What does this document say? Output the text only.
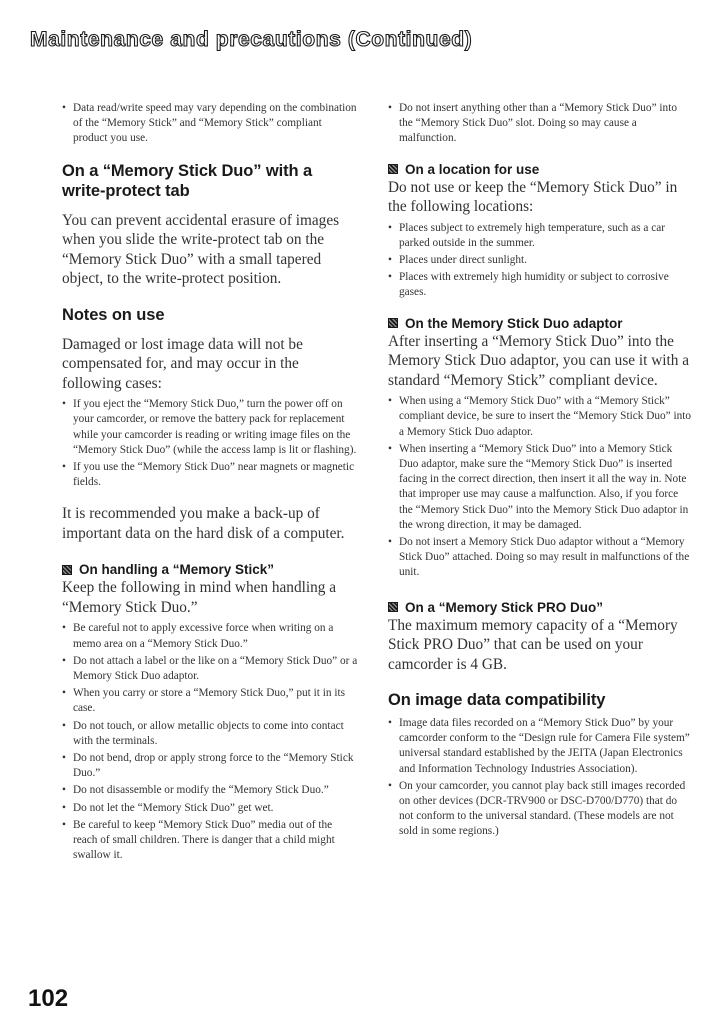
Maintenance and precautions (Continued)
• Data read/write speed may vary depending on the combination of the “Memory Stick” and “Memory Stick” compliant product you use.
On a “Memory Stick Duo” with a write-protect tab

You can prevent accidental erasure of images when you slide the write-protect tab on the “Memory Stick Duo” with a small tapered object, to the write-protect position.

Notes on use

Damaged or lost image data will not be compensated for, and may occur in the following cases:

• If you eject the “Memory Stick Duo,” turn the power off on your camcorder, or remove the battery pack for replacement while your camcorder is reading or writing image files on the “Memory Stick Duo” (while the access lamp is lit or flashing).
• If you use the “Memory Stick Duo” near magnets or magnetic fields.

It is recommended you make a back-up of important data on the hard disk of a computer.

On handling a “Memory Stick”

Keep the following in mind when handling a “Memory Stick Duo.”

• Be careful not to apply excessive force when writing on a memo area on a “Memory Stick Duo.”
• Do not attach a label or the like on a “Memory Stick Duo” or a Memory Stick Duo adaptor.
• When you carry or store a “Memory Stick Duo,” put it in its case.
• Do not touch, or allow metallic objects to come into contact with the terminals.
• Do not bend, drop or apply strong force to the “Memory Stick Duo.”
• Do not disassemble or modify the “Memory Stick Duo.”
• Do not let the “Memory Stick Duo” get wet.
• Be careful to keep “Memory Stick Duo” media out of the reach of small children. There is danger that a child might swallow it.
• Do not insert anything other than a “Memory Stick Duo” into the “Memory Stick Duo” slot. Doing so may cause a malfunction.
On a location for use

Do not use or keep the “Memory Stick Duo” in the following locations:

• Places subject to extremely high temperature, such as a car parked outside in the summer.
• Places under direct sunlight.
• Places with extremely high humidity or subject to corrosive gases.
On the Memory Stick Duo adaptor

After inserting a “Memory Stick Duo” into the Memory Stick Duo adaptor, you can use it with a standard “Memory Stick” compliant device.

• When using a “Memory Stick Duo” with a “Memory Stick” compliant device, be sure to insert the “Memory Stick Duo” into a Memory Stick Duo adaptor.
• When inserting a “Memory Stick Duo” into a Memory Stick Duo adaptor, make sure the “Memory Stick Duo” is inserted facing in the correct direction, then insert it all the way in. Note that improper use may cause a malfunction. Also, if you force the “Memory Stick Duo” into the Memory Stick Duo adaptor in the wrong direction, it may be damaged.
• Do not insert a Memory Stick Duo adaptor without a “Memory Stick Duo” attached. Doing so may result in malfunctions of the unit.
On a “Memory Stick PRO Duo”

The maximum memory capacity of a “Memory Stick PRO Duo” that can be used on your camcorder is 4 GB.

On image data compatibility
• Image data files recorded on a “Memory Stick Duo” by your camcorder conform to the “Design rule for Camera File system” universal standard established by the JEITA (Japan Electronics and Information Technology Industries Association).
• On your camcorder, you cannot play back still images recorded on other devices (DCR-TRV900 or DSC-D700/D770) that do not conform to the universal standard. (These models are not sold in some regions.)
102
